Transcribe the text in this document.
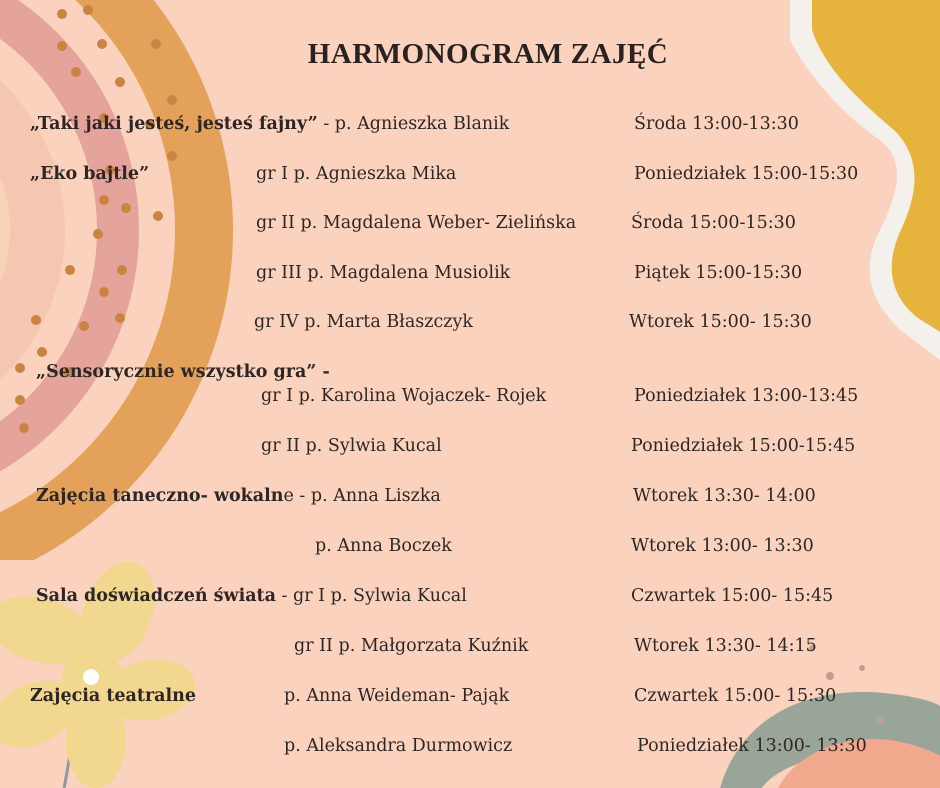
HARMONOGRAM ZAJĘĆ
„Taki jaki jesteś, jesteś fajny” - p. Agnieszka Blanik	Środa 13:00-13:30
„Eko bajtle”	gr I p. Agnieszka Mika	Poniedziałek 15:00-15:30
gr II p. Magdalena Weber- Zielińska	Środa 15:00-15:30
gr III p. Magdalena Musiolik	Piątek 15:00-15:30
gr IV p. Marta Błaszczyk	Wtorek 15:00- 15:30
„Sensorycznie wszystko gra” -
gr I p. Karolina Wojaczek- Rojek	Poniedziałek 13:00-13:45
gr II p. Sylwia Kucal	Poniedziałek 15:00-15:45
Zajęcia taneczno- wokalne - p. Anna Liszka	Wtorek 13:30- 14:00
p. Anna Boczek	Wtorek 13:00- 13:30
Sala doświadczeń świata - gr I p. Sylwia Kucal	Czwartek 15:00- 15:45
gr II p. Małgorzata Kuźnik	Wtorek 13:30- 14:15
Zajęcia teatralne	p. Anna Weideman- Pająk	Czwartek 15:00- 15:30
p. Aleksandra Durmowicz	Poniedziałek 13:00- 13:30
